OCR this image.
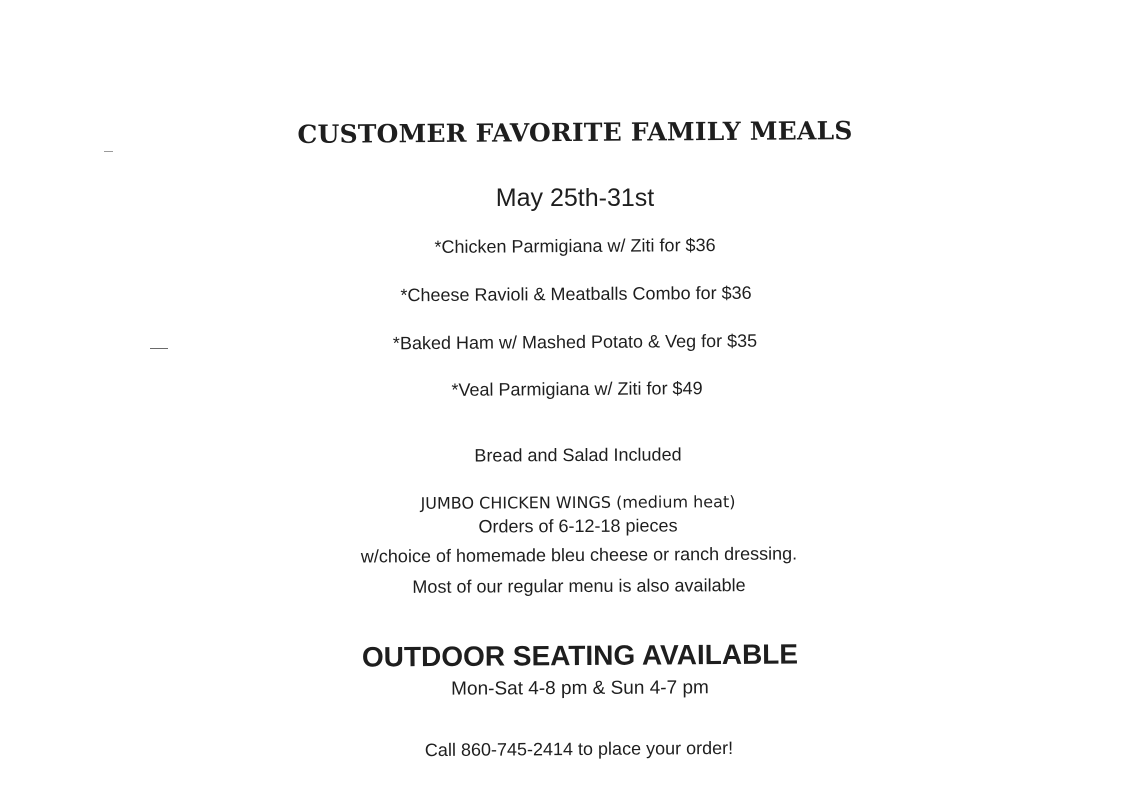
CUSTOMER FAVORITE FAMILY MEALS
May 25th-31st
*Chicken Parmigiana w/ Ziti for $36
*Cheese Ravioli & Meatballs Combo for $36
*Baked Ham w/ Mashed Potato & Veg for $35
*Veal Parmigiana w/ Ziti for $49
Bread and Salad Included
JUMBO CHICKEN WINGS (medium heat)
Orders of 6-12-18 pieces
w/choice of homemade bleu cheese or ranch dressing.
Most of our regular menu is also available
OUTDOOR SEATING AVAILABLE
Mon-Sat 4-8 pm & Sun 4-7 pm
Call 860-745-2414 to place your order!
